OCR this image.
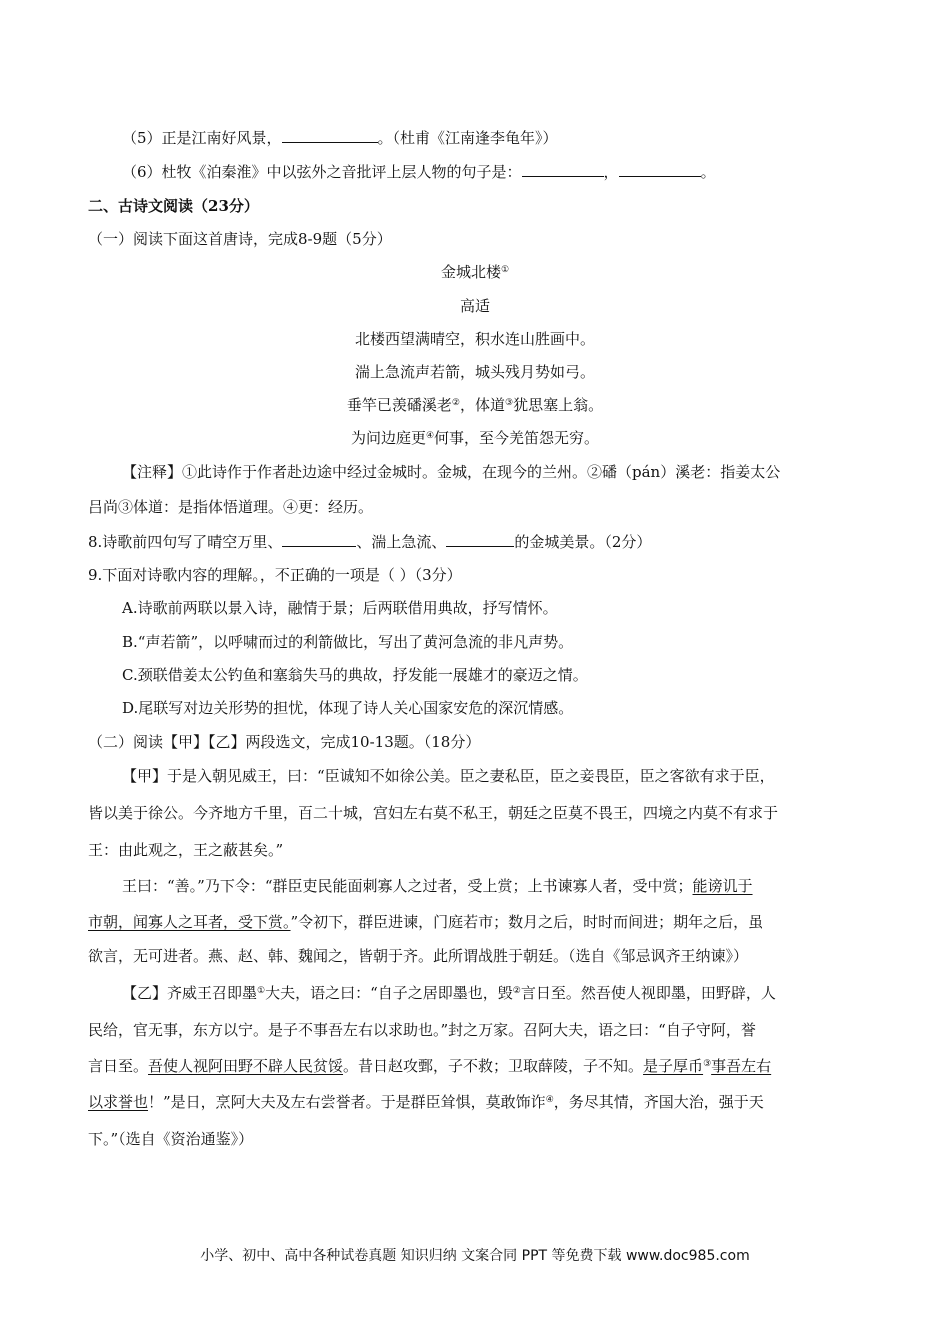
（5）正是江南好风景，	。（杜甫《江南逢李龟年》）
（6）杜牧《泊秦淮》中以弦外之音批评上层人物的句子是：	，	。
二、古诗文阅读（23分）
（一）阅读下面这首唐诗，完成8-9题（5分）
金城北楼①
高适
北楼西望满晴空，积水连山胜画中。
湍上急流声若箭，城头残月势如弓。
垂竿已羡磻溪老②，体道③犹思塞上翁。
为问边庭更④何事，至今羌笛怨无穷。
【注释】①此诗作于作者赴边途中经过金城时。金城，在现今的兰州。②磻（pán）溪老：指姜太公
吕尚③体道：是指体悟道理。④更：经历。
8.诗歌前四句写了晴空万里、	、湍上急流、	的金城美景。（2分）
9.下面对诗歌内容的理解。，不正确的一项是（ ）（3分）
A.诗歌前两联以景入诗，融情于景；后两联借用典故，抒写情怀。
B.“声若箭”，以呼啸而过的利箭做比，写出了黄河急流的非凡声势。
C.颈联借姜太公钓鱼和塞翁失马的典故，抒发能一展雄才的豪迈之情。
D.尾联写对边关形势的担忧，体现了诗人关心国家安危的深沉情感。
（二）阅读【甲】【乙】两段选文，完成10-13题。（18分）
【甲】于是入朝见威王，曰：“臣诚知不如徐公美。臣之妻私臣，臣之妾畏臣，臣之客欲有求于臣，
皆以美于徐公。今齐地方千里，百二十城，宫妇左右莫不私王，朝廷之臣莫不畏王，四境之内莫不有求于
王：由此观之，王之蔽甚矣。”
王曰：“善。”乃下令：“群臣吏民能面刺寡人之过者，受上赏；上书谏寡人者，受中赏；能谤讥于
市朝，闻寡人之耳者，受下赏。”令初下，群臣进谏，门庭若市；数月之后，时时而间进；期年之后，虽
欲言，无可进者。燕、赵、韩、魏闻之，皆朝于齐。此所谓战胜于朝廷。（选自《邹忌讽齐王纳谏》）
【乙】齐威王召即墨①大夫，语之曰：“自子之居即墨也，毁②言日至。然吾使人视即墨，田野辟，人
民给，官无事，东方以宁。是子不事吾左右以求助也。”封之万家。召阿大夫，语之曰：“自子守阿，誉
言日至。吾使人视阿田野不辟人民贫馁。昔日赵攻鄄，子不救；卫取薛陵，子不知。是子厚币③事吾左右
以求誉也！”是日，烹阿大夫及左右尝誉者。于是群臣耸惧，莫敢饰诈④，务尽其情，齐国大治，强于天
下。”（选自《资治通鉴》）
小学、初中、高中各种试卷真题 知识归纳 文案合同 PPT 等免费下载 www.doc985.com
